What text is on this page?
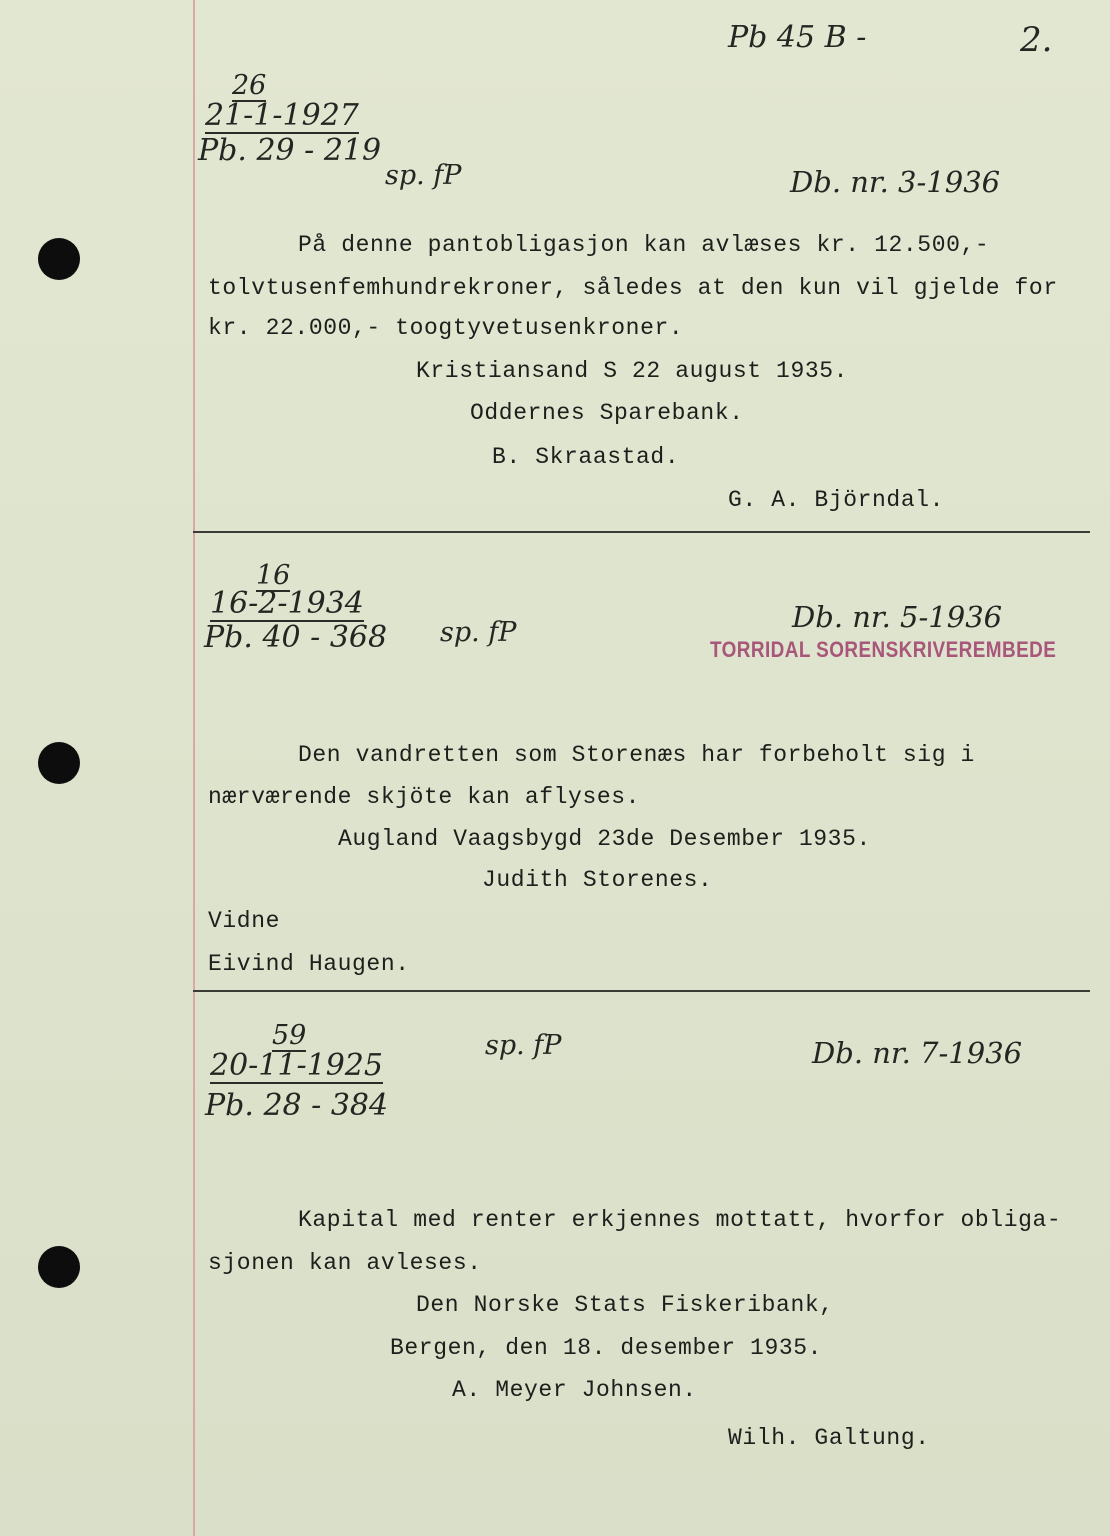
Pb 45 B -	2.
26
21-1-1927
Pb. 29 - 219
sp. fP	Db. nr. 3-1936
På denne pantobligasjon kan avlæses kr. 12.500,-
tolvtusenfemhundrekroner, således at den kun vil gjelde for
kr. 22.000,- toogtyvetusenkroner.
Kristiansand S 22 august 1935.
Oddernes Sparebank.
B. Skraastad.
G. A. Björndal.
16
16-2-1934
Pb. 40 - 368 sp. fP	Db. nr. 5-1936
TORRIDAL SORENSKRIVEREMBEDE
Den vandretten som Storenæs har forbeholt sig i
nærværende skjöte kan aflyses.
Augland Vaagsbygd 23de Desember 1935.
Judith Storenes.
Vidne
Eivind Haugen.
59
20-11-1925
Pb. 28 - 384
sp. fP	Db. nr. 7-1936
Kapital med renter erkjennes mottatt, hvorfor obliga-
sjonen kan avleses.
Den Norske Stats Fiskeribank,
Bergen, den 18. desember 1935.
A. Meyer Johnsen.
Wilh. Galtung.
